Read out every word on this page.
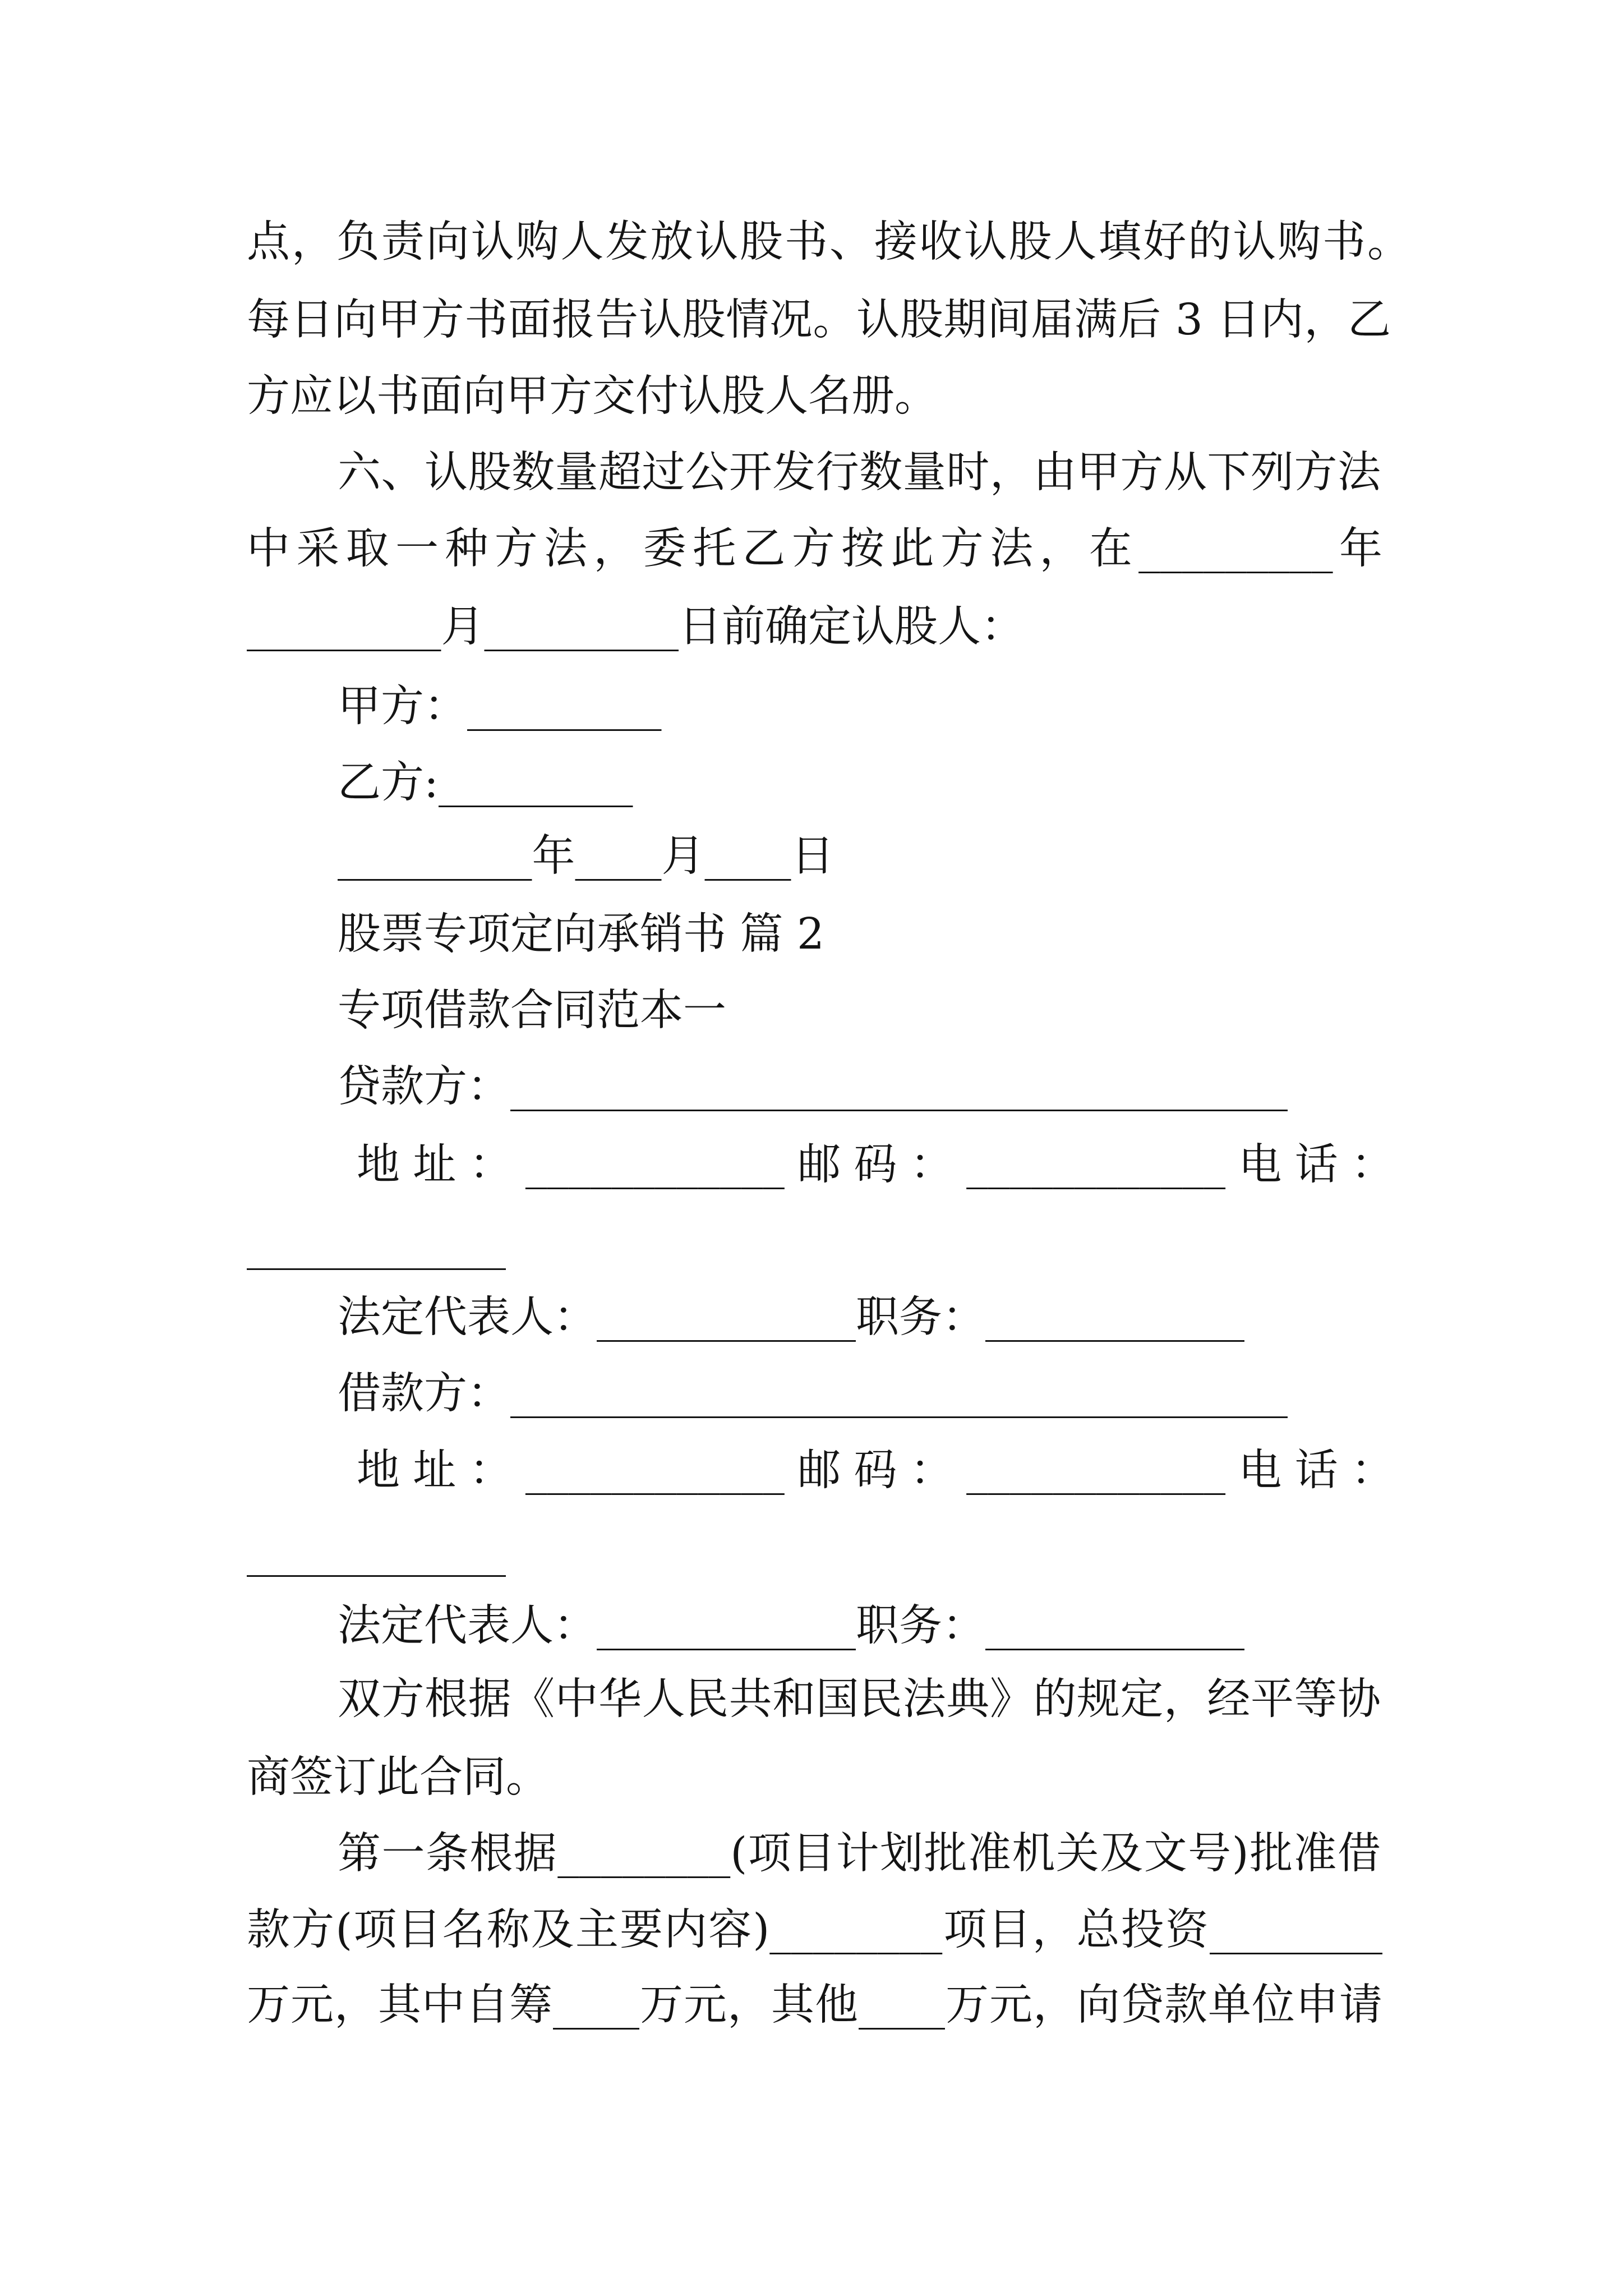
点，负责向认购人发放认股书、接收认股人填好的认购书。
每日向甲方书面报告认股情况。认股期间届满后 3 日内，乙
方应以书面向甲方交付认股人名册。
六、认股数量超过公开发行数量时，由甲方从下列方法
中采取一种方法，委托乙方按此方法，在_________年
_________月_________日前确定认股人：
甲方：_________
乙方:_________
_________年____月____日
股票专项定向承销书 篇 2
专项借款合同范本一
贷款方：____________________________________
地址：____________邮码：____________电话：
____________
法定代表人：____________职务：____________
借款方：____________________________________
地址：____________邮码：____________电话：
____________
法定代表人：____________职务：____________
双方根据《中华人民共和国民法典》的规定，经平等协
商签订此合同。
第一条根据________(项目计划批准机关及文号)批准借
款方(项目名称及主要内容)________项目，总投资________
万元，其中自筹____万元，其他____万元，向贷款单位申请
